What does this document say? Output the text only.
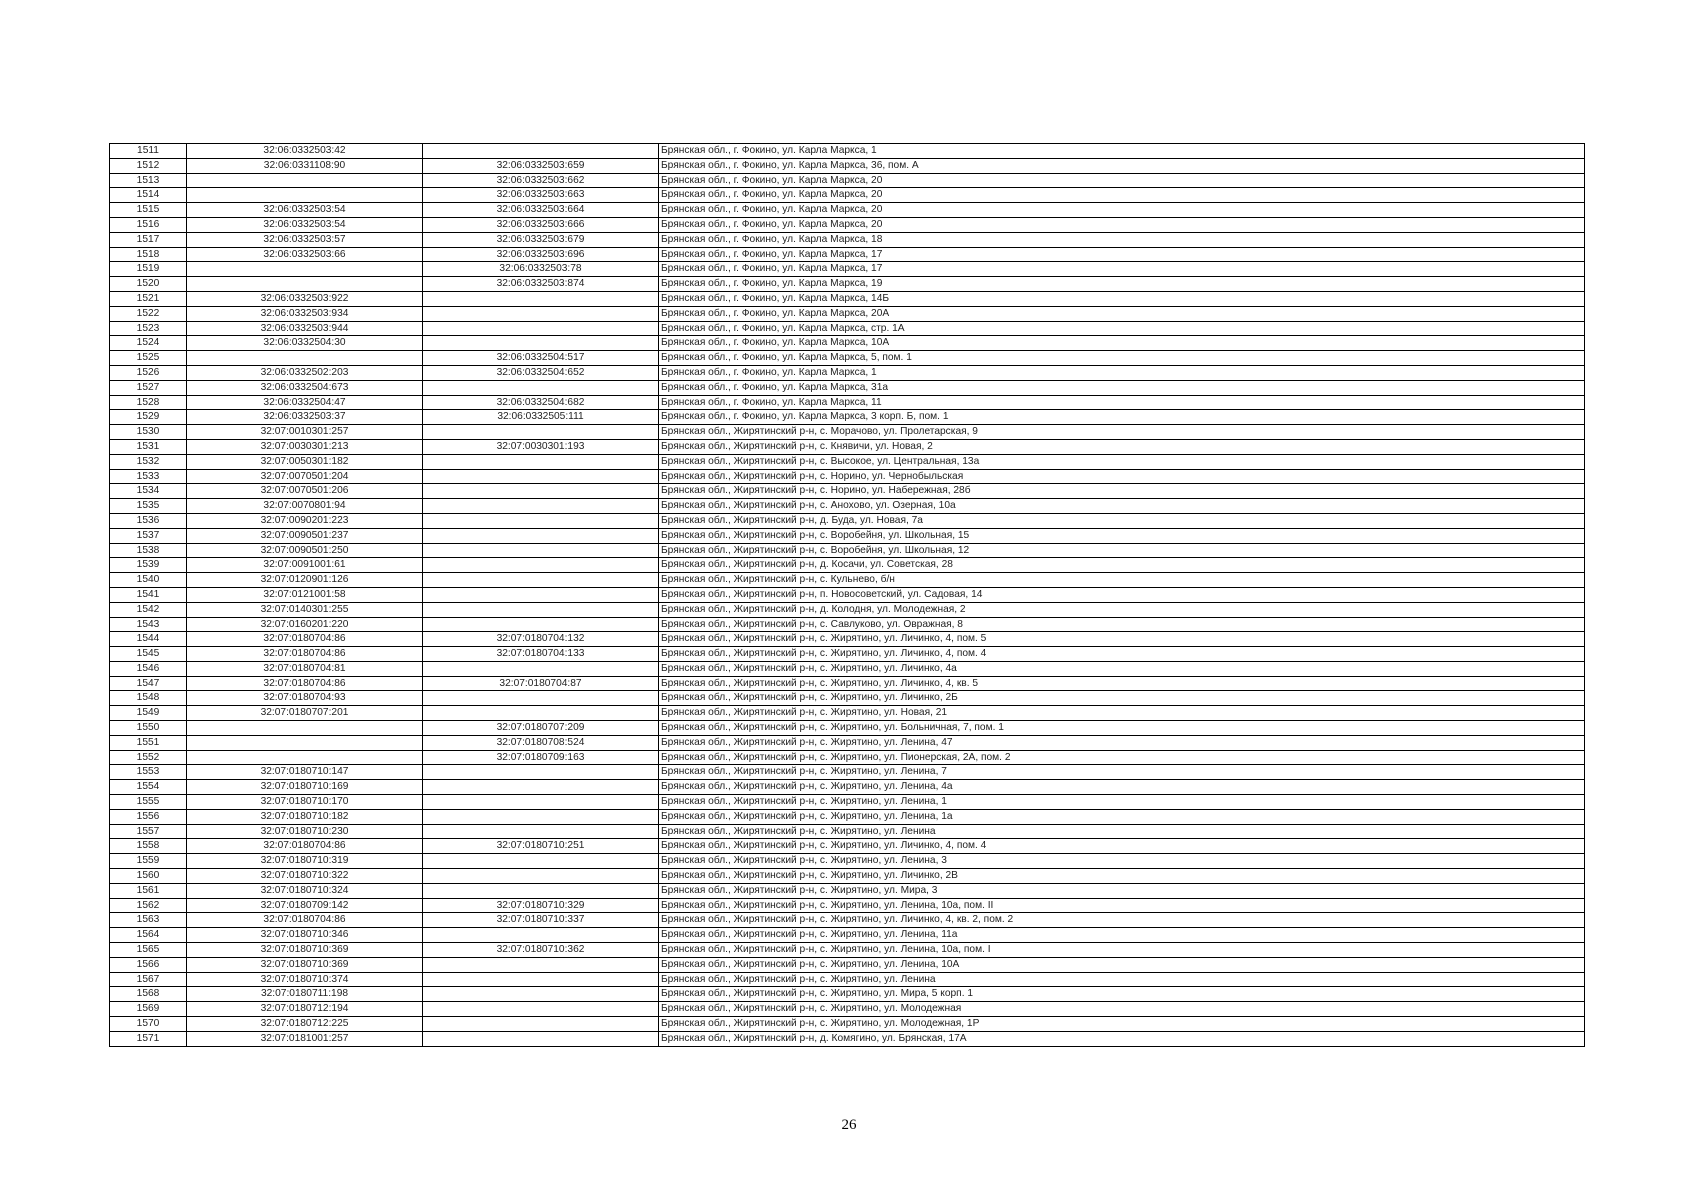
1511	32:06:0332503:42		Брянская обл., г. Фокино, ул. Карла Маркса, 1
1512	32:06:0331108:90	32:06:0332503:659	Брянская обл., г. Фокино, ул. Карла Маркса, 36, пом. А
1513		32:06:0332503:662	Брянская обл., г. Фокино, ул. Карла Маркса, 20
1514		32:06:0332503:663	Брянская обл., г. Фокино, ул. Карла Маркса, 20
1515	32:06:0332503:54	32:06:0332503:664	Брянская обл., г. Фокино, ул. Карла Маркса, 20
1516	32:06:0332503:54	32:06:0332503:666	Брянская обл., г. Фокино, ул. Карла Маркса, 20
1517	32:06:0332503:57	32:06:0332503:679	Брянская обл., г. Фокино, ул. Карла Маркса, 18
1518	32:06:0332503:66	32:06:0332503:696	Брянская обл., г. Фокино, ул. Карла Маркса, 17
1519		32:06:0332503:78	Брянская обл., г. Фокино, ул. Карла Маркса, 17
1520		32:06:0332503:874	Брянская обл., г. Фокино, ул. Карла Маркса, 19
1521	32:06:0332503:922		Брянская обл., г. Фокино, ул. Карла Маркса, 14Б
1522	32:06:0332503:934		Брянская обл., г. Фокино, ул. Карла Маркса, 20А
1523	32:06:0332503:944		Брянская обл., г. Фокино, ул. Карла Маркса, стр. 1А
1524	32:06:0332504:30		Брянская обл., г. Фокино, ул. Карла Маркса, 10А
1525		32:06:0332504:517	Брянская обл., г. Фокино, ул. Карла Маркса, 5, пом. 1
1526	32:06:0332502:203	32:06:0332504:652	Брянская обл., г. Фокино, ул. Карла Маркса, 1
1527	32:06:0332504:673		Брянская обл., г. Фокино, ул. Карла Маркса, 31а
1528	32:06:0332504:47	32:06:0332504:682	Брянская обл., г. Фокино, ул. Карла Маркса, 11
1529	32:06:0332503:37	32:06:0332505:111	Брянская обл., г. Фокино, ул. Карла Маркса, 3 корп. Б, пом. 1
1530	32:07:0010301:257		Брянская обл., Жирятинский р-н, с. Морачово, ул. Пролетарская, 9
1531	32:07:0030301:213	32:07:0030301:193	Брянская обл., Жирятинский р-н, с. Княвичи, ул. Новая, 2
1532	32:07:0050301:182		Брянская обл., Жирятинский р-н, с. Высокое, ул. Центральная, 13а
1533	32:07:0070501:204		Брянская обл., Жирятинский р-н, с. Норино, ул. Чернобыльская
1534	32:07:0070501:206		Брянская обл., Жирятинский р-н, с. Норино, ул. Набережная, 28б
1535	32:07:0070801:94		Брянская обл., Жирятинский р-н, с. Анохово, ул. Озерная, 10а
1536	32:07:0090201:223		Брянская обл., Жирятинский р-н, д. Буда, ул. Новая, 7а
1537	32:07:0090501:237		Брянская обл., Жирятинский р-н, с. Воробейня, ул. Школьная, 15
1538	32:07:0090501:250		Брянская обл., Жирятинский р-н, с. Воробейня, ул. Школьная, 12
1539	32:07:0091001:61		Брянская обл., Жирятинский р-н, д. Косачи, ул. Советская, 28
1540	32:07:0120901:126		Брянская обл., Жирятинский р-н, с. Кульнево, б/н
1541	32:07:0121001:58		Брянская обл., Жирятинский р-н, п. Новосоветский, ул. Садовая, 14
1542	32:07:0140301:255		Брянская обл., Жирятинский р-н, д. Колодня, ул. Молодежная, 2
1543	32:07:0160201:220		Брянская обл., Жирятинский р-н, с. Савлуково, ул. Овражная, 8
1544	32:07:0180704:86	32:07:0180704:132	Брянская обл., Жирятинский р-н, с. Жирятино, ул. Личинко, 4, пом. 5
1545	32:07:0180704:86	32:07:0180704:133	Брянская обл., Жирятинский р-н, с. Жирятино, ул. Личинко, 4, пом. 4
1546	32:07:0180704:81		Брянская обл., Жирятинский р-н, с. Жирятино, ул. Личинко, 4а
1547	32:07:0180704:86	32:07:0180704:87	Брянская обл., Жирятинский р-н, с. Жирятино, ул. Личинко, 4, кв. 5
1548	32:07:0180704:93		Брянская обл., Жирятинский р-н, с. Жирятино, ул. Личинко, 2Б
1549	32:07:0180707:201		Брянская обл., Жирятинский р-н, с. Жирятино, ул. Новая, 21
1550		32:07:0180707:209	Брянская обл., Жирятинский р-н, с. Жирятино, ул. Больничная, 7, пом. 1
1551		32:07:0180708:524	Брянская обл., Жирятинский р-н, с. Жирятино, ул. Ленина, 47
1552		32:07:0180709:163	Брянская обл., Жирятинский р-н, с. Жирятино, ул. Пионерская, 2А, пом. 2
1553	32:07:0180710:147		Брянская обл., Жирятинский р-н, с. Жирятино, ул. Ленина, 7
1554	32:07:0180710:169		Брянская обл., Жирятинский р-н, с. Жирятино, ул. Ленина, 4а
1555	32:07:0180710:170		Брянская обл., Жирятинский р-н, с. Жирятино, ул. Ленина, 1
1556	32:07:0180710:182		Брянская обл., Жирятинский р-н, с. Жирятино, ул. Ленина, 1а
1557	32:07:0180710:230		Брянская обл., Жирятинский р-н, с. Жирятино, ул. Ленина
1558	32:07:0180704:86	32:07:0180710:251	Брянская обл., Жирятинский р-н, с. Жирятино, ул. Личинко, 4, пом. 4
1559	32:07:0180710:319		Брянская обл., Жирятинский р-н, с. Жирятино, ул. Ленина, 3
1560	32:07:0180710:322		Брянская обл., Жирятинский р-н, с. Жирятино, ул. Личинко, 2В
1561	32:07:0180710:324		Брянская обл., Жирятинский р-н, с. Жирятино, ул. Мира, 3
1562	32:07:0180709:142	32:07:0180710:329	Брянская обл., Жирятинский р-н, с. Жирятино, ул. Ленина, 10а, пом. II
1563	32:07:0180704:86	32:07:0180710:337	Брянская обл., Жирятинский р-н, с. Жирятино, ул. Личинко, 4, кв. 2, пом. 2
1564	32:07:0180710:346		Брянская обл., Жирятинский р-н, с. Жирятино, ул. Ленина, 11а
1565	32:07:0180710:369	32:07:0180710:362	Брянская обл., Жирятинский р-н, с. Жирятино, ул. Ленина, 10а, пом. I
1566	32:07:0180710:369		Брянская обл., Жирятинский р-н, с. Жирятино, ул. Ленина, 10А
1567	32:07:0180710:374		Брянская обл., Жирятинский р-н, с. Жирятино, ул. Ленина
1568	32:07:0180711:198		Брянская обл., Жирятинский р-н, с. Жирятино, ул. Мира, 5 корп. 1
1569	32:07:0180712:194		Брянская обл., Жирятинский р-н, с. Жирятино, ул. Молодежная
1570	32:07:0180712:225		Брянская обл., Жирятинский р-н, с. Жирятино, ул. Молодежная, 1Р
1571	32:07:0181001:257		Брянская обл., Жирятинский р-н, д. Комягино, ул. Брянская, 17А
26
